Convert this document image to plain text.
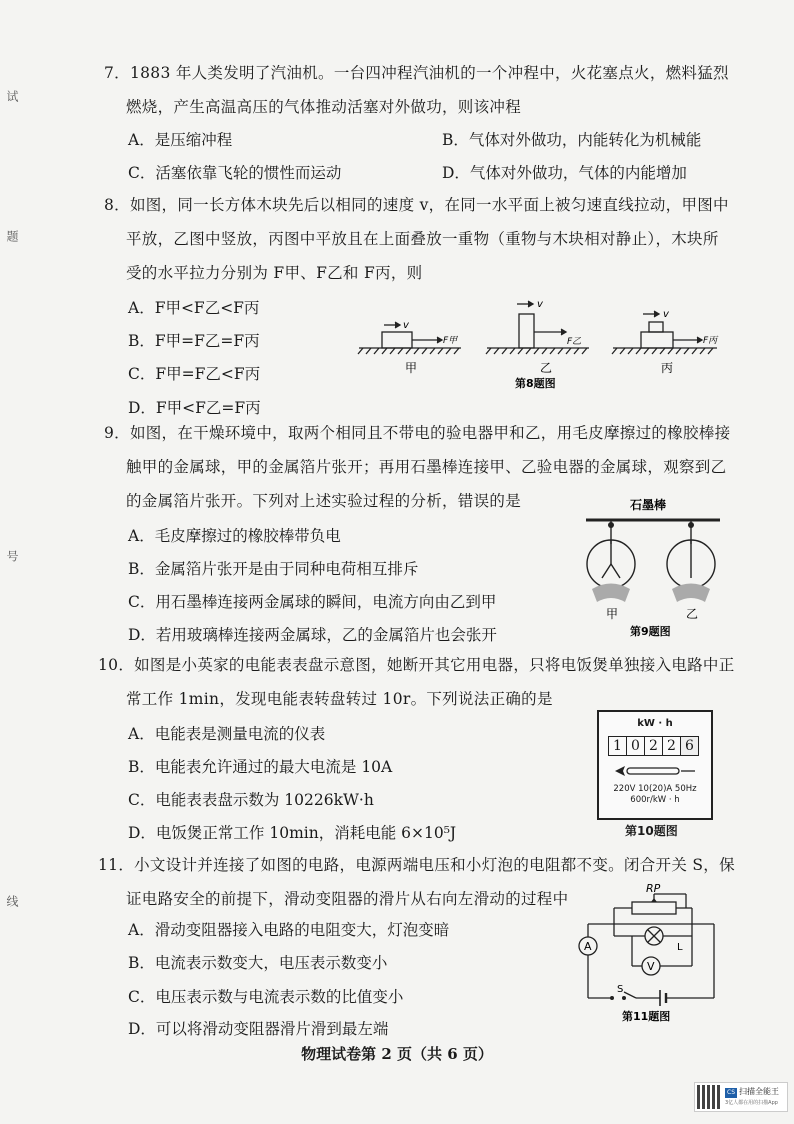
试
题
号
线
7．1883 年人类发明了汽油机。一台四冲程汽油机的一个冲程中，火花塞点火，燃料猛烈
燃烧，产生高温高压的气体推动活塞对外做功，则该冲程
A．是压缩冲程	B．气体对外做功，内能转化为机械能
C．活塞依靠飞轮的惯性而运动	D．气体对外做功，气体的内能增加
8．如图，同一长方体木块先后以相同的速度 v，在同一水平面上被匀速直线拉动，甲图中
平放，乙图中竖放，丙图中平放且在上面叠放一重物（重物与木块相对静止），木块所
受的水平拉力分别为 F甲、F乙和 F丙，则
A．F甲<F乙<F丙
B．F甲=F乙=F丙
C．F甲=F乙<F丙
D．F甲<F乙=F丙
v
v
v
F甲	F乙	F丙
甲	乙	丙
第8题图
9．如图，在干燥环境中，取两个相同且不带电的验电器甲和乙，用毛皮摩擦过的橡胶棒接
触甲的金属球，甲的金属箔片张开；再用石墨棒连接甲、乙验电器的金属球，观察到乙
的金属箔片张开。下列对上述实验过程的分析，错误的是
A．毛皮摩擦过的橡胶棒带负电
B．金属箔片张开是由于同种电荷相互排斥
C．用石墨棒连接两金属球的瞬间，电流方向由乙到甲
D．若用玻璃棒连接两金属球，乙的金属箔片也会张开
石墨棒
甲	乙
第9题图
10．如图是小英家的电能表表盘示意图，她断开其它用电器，只将电饭煲单独接入电路中正
常工作 1min，发现电能表转盘转过 10r。下列说法正确的是
A．电能表是测量电流的仪表
B．电能表允许通过的最大电流是 10A
C．电能表表盘示数为 10226kW·h
D．电饭煲正常工作 10min，消耗电能 6×10⁵J
kW · h
1 0 2 2 6
220V 10(20)A 50Hz
600r/kW · h
第10题图
11．小文设计并连接了如图的电路，电源两端电压和小灯泡的电阻都不变。闭合开关 S，保
证电路安全的前提下，滑动变阻器的滑片从右向左滑动的过程中
A．滑动变阻器接入电路的电阻变大，灯泡变暗
B．电流表示数变大，电压表示数变小
C．电压表示数与电流表示数的比值变小
D．可以将滑动变阻器滑片滑到最左端
A
V
RP
L
S
第11题图
物理试卷第 2 页（共 6 页）
CS 扫描全能王
3亿人都在用的扫描App
